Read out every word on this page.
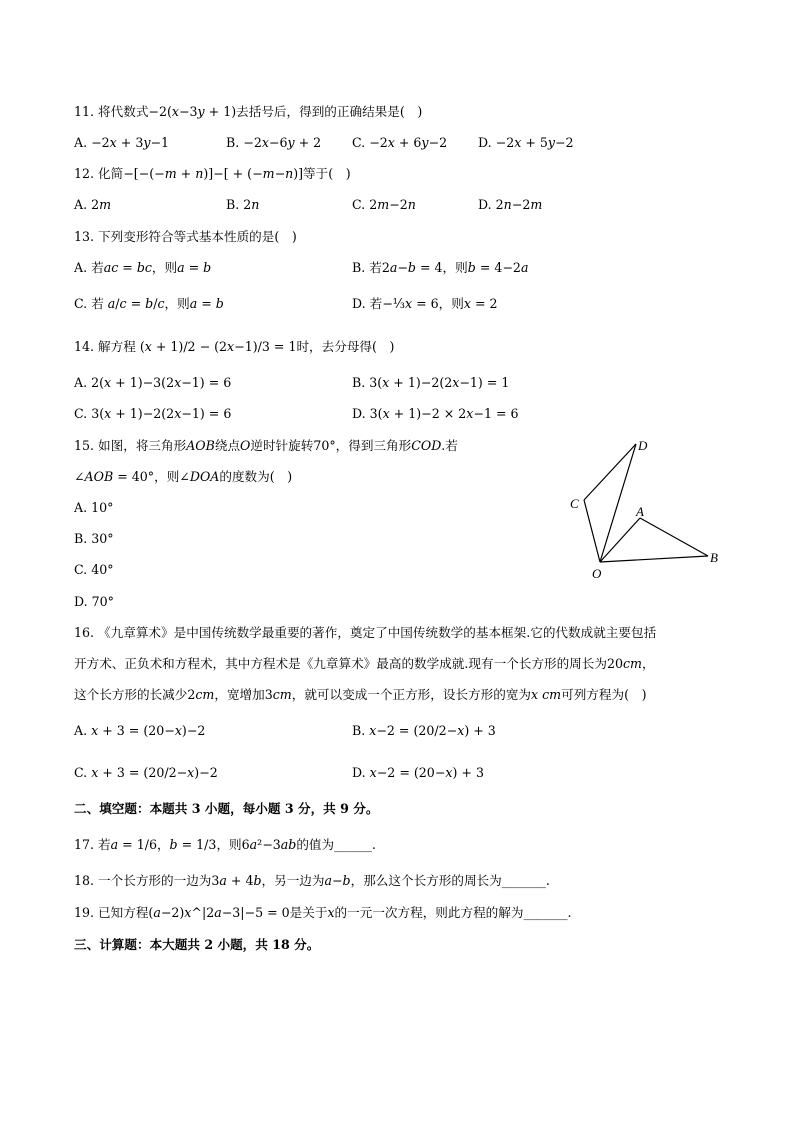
11. 将代数式−2(𝑥−3𝑦 + 1)去括号后，得到的正确结果是(　)
A. −2𝑥 + 3𝑦−1	B. −2𝑥−6𝑦 + 2 C. −2𝑥 + 6𝑦−2 D. −2𝑥 + 5𝑦−2
12. 化简−[−(−𝑚 + 𝑛)]−[ + (−𝑚−𝑛)]等于(　)
A. 2𝑚	B. 2𝑛	C. 2𝑚−2𝑛	D. 2𝑛−2𝑚
13. 下列变形符合等式基本性质的是(　)
A. 若𝑎𝑐 = 𝑏𝑐，则𝑎 = 𝑏	B. 若2𝑎−𝑏 = 4，则𝑏 = 4−2𝑎
C. 若 𝑎/𝑐 = 𝑏/𝑐，则𝑎 = 𝑏	D. 若−⅓𝑥 = 6，则𝑥 = 2
14. 解方程 (𝑥 + 1)/2 − (2𝑥−1)/3 = 1时，去分母得(　)
A. 2(𝑥 + 1)−3(2𝑥−1) = 6	B. 3(𝑥 + 1)−2(2𝑥−1) = 1
C. 3(𝑥 + 1)−2(2𝑥−1) = 6	D. 3(𝑥 + 1)−2 × 2𝑥−1 = 6
15. 如图，将三角形𝐴𝑂𝐵绕点𝑂逆时针旋转70°，得到三角形𝐶𝑂𝐷.若
∠𝐴𝑂𝐵 = 40°，则∠𝐷𝑂𝐴的度数为(　)
A. 10°
B. 30°
C. 40°
D. 70°
D
C
A
O
B
16. 《九章算术》是中国传统数学最重要的著作，奠定了中国传统数学的基本框架.它的代数成就主要包括
开方术、正负术和方程术，其中方程术是《九章算术》最高的数学成就.现有一个长方形的周长为20𝑐𝑚，
这个长方形的长减少2𝑐𝑚，宽增加3𝑐𝑚，就可以变成一个正方形，设长方形的宽为𝑥 𝑐𝑚可列方程为(　)
A. 𝑥 + 3 = (20−𝑥)−2	B. 𝑥−2 = (20/2−𝑥) + 3
C. 𝑥 + 3 = (20/2−𝑥)−2	D. 𝑥−2 = (20−𝑥) + 3
二、填空题：本题共 3 小题，每小题 3 分，共 9 分。
17. 若𝑎 = 1/6，𝑏 = 1/3，则6𝑎²−3𝑎𝑏的值为______.
18. 一个长方形的一边为3𝑎 + 4𝑏，另一边为𝑎−𝑏，那么这个长方形的周长为_______.
19. 已知方程(𝑎−2)𝑥^|2𝑎−3|−5 = 0是关于𝑥的一元一次方程，则此方程的解为_______.
三、计算题：本大题共 2 小题，共 18 分。
